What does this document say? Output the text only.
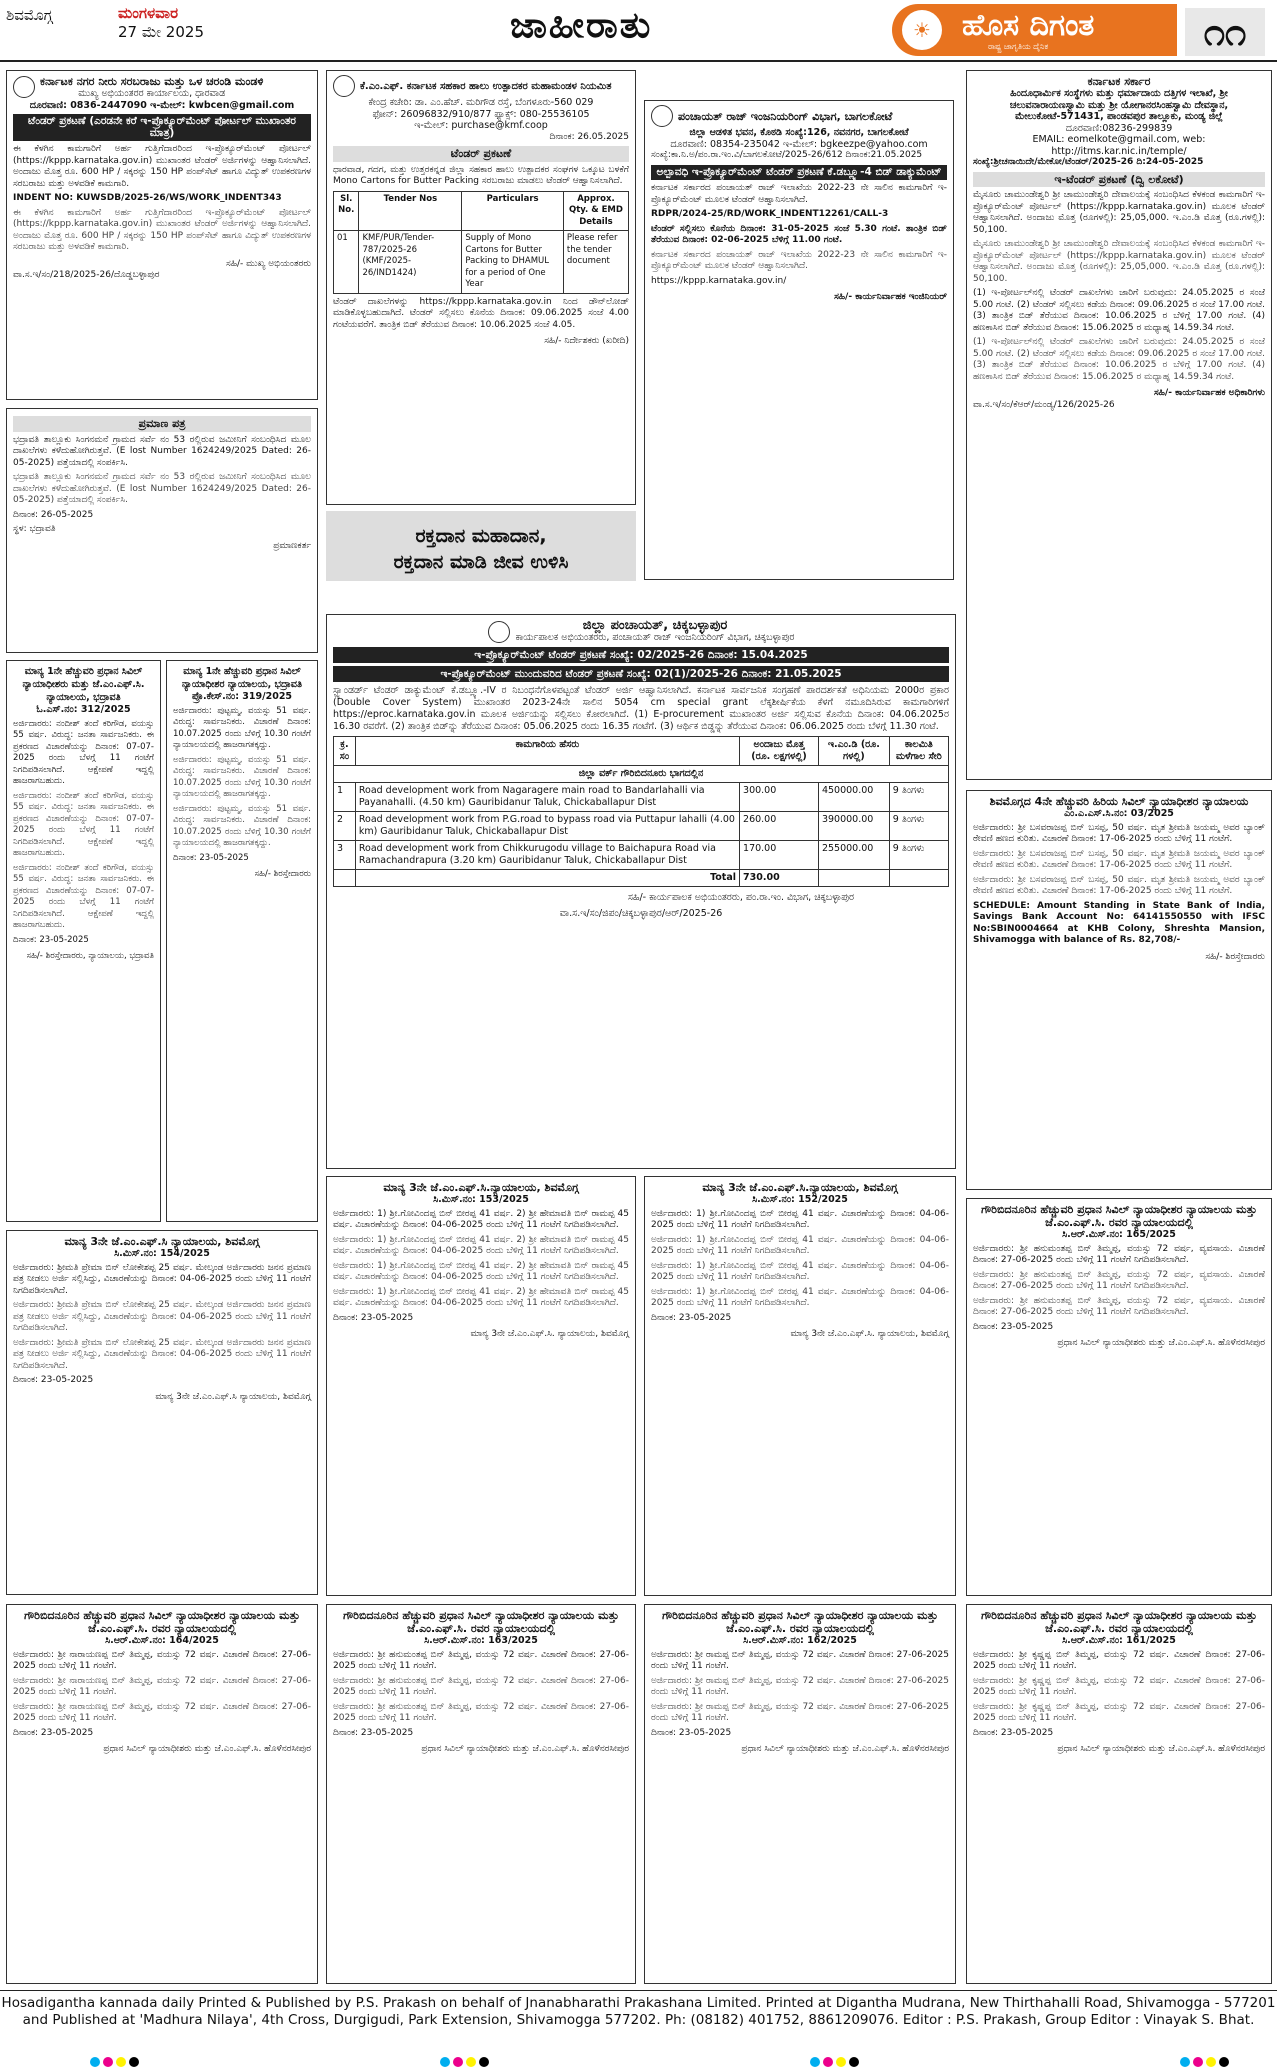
ಶಿವಮೊಗ್ಗ	ಮಂಗಳವಾರ
27 ಮೇ 2025	ಜಾಹೀರಾತು	ಹೊಸ ದಿಗಂತ
☀
ರಾಷ್ಟ್ರ ಜಾಗೃತಿಯ ದೈನಿಕ	೧೧
ಕರ್ನಾಟಕ ನಗರ ನೀರು ಸರಬರಾಜು ಮತ್ತು ಒಳ ಚರಂಡಿ ಮಂಡಳಿ
ಮುಖ್ಯ ಅಭಿಯಂತರರ ಕಾರ್ಯಾಲಯ, ಧಾರವಾಡ
ದೂರವಾಣಿ: 0836-2447090 ಇ-ಮೇಲ್: kwbcen@gmail.com
ಟೆಂಡರ್ ಪ್ರಕಟಣೆ (ಎರಡನೇ ಕರೆ ಇ-ಪ್ರೊಕ್ಯೂರ್‌ಮೆಂಟ್ ಪೋರ್ಟಲ್ ಮುಖಾಂತರ ಮಾತ್ರ)

ಈ ಕೆಳಗಿನ ಕಾಮಗಾರಿಗೆ ಅರ್ಹ ಗುತ್ತಿಗೆದಾರರಿಂದ ಇ-ಪ್ರೊಕ್ಯೂರ್‌ಮೆಂಟ್ ಪೋರ್ಟಲ್ (https://kppp.karnataka.gov.in) ಮುಖಾಂತರ ಟೆಂಡರ್ ಅರ್ಜಿಗಳನ್ನು ಆಹ್ವಾನಿಸಲಾಗಿದೆ. ಅಂದಾಜು ಮೊತ್ತ ರೂ. 600 HP / ಸಕ್ಕರನ್ನು 150 HP ಪಂಪ್‌ಸೆಟ್ ಹಾಗೂ ವಿದ್ಯುತ್ ಉಪಕರಣಗಳ ಸರಬರಾಜು ಮತ್ತು ಅಳವಡಿಕೆ ಕಾಮಗಾರಿ.

INDENT NO: KUWSDB/2025-26/WS/WORK_INDENT343

ಈ ಕೆಳಗಿನ ಕಾಮಗಾರಿಗೆ ಅರ್ಹ ಗುತ್ತಿಗೆದಾರರಿಂದ ಇ-ಪ್ರೊಕ್ಯೂರ್‌ಮೆಂಟ್ ಪೋರ್ಟಲ್ (https://kppp.karnataka.gov.in) ಮುಖಾಂತರ ಟೆಂಡರ್ ಅರ್ಜಿಗಳನ್ನು ಆಹ್ವಾನಿಸಲಾಗಿದೆ. ಅಂದಾಜು ಮೊತ್ತ ರೂ. 600 HP / ಸಕ್ಕರನ್ನು 150 HP ಪಂಪ್‌ಸೆಟ್ ಹಾಗೂ ವಿದ್ಯುತ್ ಉಪಕರಣಗಳ ಸರಬರಾಜು ಮತ್ತು ಅಳವಡಿಕೆ ಕಾಮಗಾರಿ.

ಸಹಿ/- ಮುಖ್ಯ ಅಭಿಯಂತರರು
ವಾ.ಸ.ಇ/ಸಂ/218/2025-26/ದೊಡ್ಡಬಳ್ಳಾಪುರ
ಕೆ.ಎಂ.ಎಫ್. ಕರ್ನಾಟಕ ಸಹಕಾರ ಹಾಲು ಉತ್ಪಾದಕರ ಮಹಾಮಂಡಳ ನಿಯಮಿತ
ಕೇಂದ್ರ ಕಚೇರಿ: ಡಾ. ಎಂ.ಹೆಚ್. ಮರಿಗೌಡ ರಸ್ತೆ, ಬೆಂಗಳೂರು-560 029
ಫೋನ್: 26096832/910/877 ಫ್ಯಾಕ್ಸ್: 080-25536105
ಇ-ಮೇಲ್: purchase@kmf.coop
ದಿನಾಂಕ: 26.05.2025
ಟೆಂಡರ್ ಪ್ರಕಟಣೆ

ಧಾರವಾಡ, ಗದಗ, ಮತ್ತು ಉತ್ತರಕನ್ನಡ ಜಿಲ್ಲಾ ಸಹಕಾರ ಹಾಲು ಉತ್ಪಾದಕರ ಸಂಘಗಳ ಒಕ್ಕೂಟ ಬಳಕೆಗೆ Mono Cartons for Butter Packing ಸರಬರಾಜು ಮಾಡಲು ಟೆಂಡರ್ ಆಹ್ವಾನಿಸಲಾಗಿದೆ.

Sl. No.	Tender Nos	Particulars	Approx. Qty. & EMD Details
01	KMF/PUR/Tender-787/2025-26 (KMF/2025-26/IND1424)	Supply of Mono Cartons for Butter Packing to DHAMUL for a period of One Year	Please refer the tender document

ಟೆಂಡರ್ ದಾಖಲೆಗಳನ್ನು https://kppp.karnataka.gov.in ನಿಂದ ಡೌನ್‌ಲೋಡ್ ಮಾಡಿಕೊಳ್ಳಬಹುದಾಗಿದೆ. ಟೆಂಡರ್ ಸಲ್ಲಿಸಲು ಕೊನೆಯ ದಿನಾಂಕ: 09.06.2025 ಸಂಜೆ 4.00 ಗಂಟೆಯವರೆಗೆ. ತಾಂತ್ರಿಕ ಬಿಡ್ ತೆರೆಯುವ ದಿನಾಂಕ: 10.06.2025 ಸಂಜೆ 4.05.

ಸಹಿ/- ನಿರ್ದೇಶಕರು (ಖರೀದಿ)
ರಕ್ತದಾನ ಮಹಾದಾನ,
ರಕ್ತದಾನ ಮಾಡಿ ಜೀವ ಉಳಿಸಿ
ಪಂಚಾಯತ್ ರಾಜ್ ಇಂಜನಿಯರಿಂಗ್ ವಿಭಾಗ, ಬಾಗಲಕೋಟೆ
ಜಿಲ್ಲಾ ಆಡಳಿತ ಭವನ, ಕೊಠಡಿ ಸಂಖ್ಯೆ:126, ನವನಗರ, ಬಾಗಲಕೋಟೆ
ದೂರವಾಣಿ: 08354-235042 ಇ-ಮೇಲ್: bgkeezpe@yahoo.com
ಸಂಖ್ಯೆ:ಕಾ.ನಿ.ಅ/ಪಂ.ರಾ.ಇಂ.ವಿ/ಬಾಗಲಕೋಟೆ/2025-26/612 ದಿನಾಂಕ:21.05.2025
ಅಲ್ಪಾವಧಿ ಇ-ಪ್ರೊಕ್ಯೂರ್‌ಮೆಂಟ್ ಟೆಂಡರ್ ಪ್ರಕಟಣೆ ಕೆ.ಡಬ್ಲ್ಯೂ-4 ಬಿಡ್ ಡಾಕ್ಯುಮೆಂಟ್

ಕರ್ನಾಟಕ ಸರ್ಕಾರದ ಪಂಚಾಯತ್ ರಾಜ್ ಇಲಾಖೆಯ 2022-23 ನೇ ಸಾಲಿನ ಕಾಮಗಾರಿಗೆ ಇ-ಪ್ರೊಕ್ಯೂರ್‌ಮೆಂಟ್ ಮೂಲಕ ಟೆಂಡರ್ ಆಹ್ವಾನಿಸಲಾಗಿದೆ.

RDPR/2024-25/RD/WORK_INDENT12261/CALL-3

ಟೆಂಡರ್ ಸಲ್ಲಿಸಲು ಕೊನೆಯ ದಿನಾಂಕ: 31-05-2025 ಸಂಜೆ 5.30 ಗಂಟೆ. ತಾಂತ್ರಿಕ ಬಿಡ್ ತೆರೆಯುವ ದಿನಾಂಕ: 02-06-2025 ಬೆಳಿಗ್ಗೆ 11.00 ಗಂಟೆ.

ಕರ್ನಾಟಕ ಸರ್ಕಾರದ ಪಂಚಾಯತ್ ರಾಜ್ ಇಲಾಖೆಯ 2022-23 ನೇ ಸಾಲಿನ ಕಾಮಗಾರಿಗೆ ಇ-ಪ್ರೊಕ್ಯೂರ್‌ಮೆಂಟ್ ಮೂಲಕ ಟೆಂಡರ್ ಆಹ್ವಾನಿಸಲಾಗಿದೆ.

https://kppp.karnataka.gov.in/

ಸಹಿ/- ಕಾರ್ಯನಿರ್ವಾಹಕ ಇಂಜಿನಿಯರ್
ಕರ್ನಾಟಕ ಸರ್ಕಾರ
ಹಿಂದೂಧಾರ್ಮಿಕ ಸಂಸ್ಥೆಗಳು ಮತ್ತು ಧರ್ಮಾದಾಯ ದತ್ತಿಗಳ ಇಲಾಖೆ, ಶ್ರೀ ಚಲುವನಾರಾಯಣಸ್ವಾಮಿ ಮತ್ತು ಶ್ರೀ ಯೋಗಾನರಸಿಂಹಸ್ವಾಮಿ ದೇವಸ್ಥಾನ, ಮೇಲುಕೋಟೆ-571431, ಪಾಂಡವಪುರ ತಾಲ್ಲೂಕು, ಮಂಡ್ಯ ಜಿಲ್ಲೆ
ದೂರವಾಣಿ:08236-299839
EMAIL: eomelkote@gmail.com, web: http://itms.kar.nic.in/temple/
ಸಂಖ್ಯೆ:ಶ್ರೀಚನಾಯಿದೇ/ಮೇಕೋ/ಟೆಂಡರ್/2025-26 ದಿ:24-05-2025
ಇ-ಟೆಂಡರ್ ಪ್ರಕಟಣೆ (ದ್ವಿ ಲಕೋಟೆ)

ಮೈಸೂರು ಚಾಮುಂಡೇಶ್ವರಿ ಶ್ರೀ ಚಾಮುಂಡೇಶ್ವರಿ ದೇವಾಲಯಕ್ಕೆ ಸಂಬಂಧಿಸಿದ ಕೆಳಕಂಡ ಕಾಮಗಾರಿಗೆ ಇ-ಪ್ರೊಕ್ಯೂರ್‌ಮೆಂಟ್ ಪೋರ್ಟಲ್ (https://kppp.karnataka.gov.in) ಮೂಲಕ ಟೆಂಡರ್ ಆಹ್ವಾನಿಸಲಾಗಿದೆ. ಅಂದಾಜು ಮೊತ್ತ (ರೂಗಳಲ್ಲಿ): 25,05,000. ಇ.ಎಂ.ಡಿ ಮೊತ್ತ (ರೂ.ಗಳಲ್ಲಿ): 50,100.

ಮೈಸೂರು ಚಾಮುಂಡೇಶ್ವರಿ ಶ್ರೀ ಚಾಮುಂಡೇಶ್ವರಿ ದೇವಾಲಯಕ್ಕೆ ಸಂಬಂಧಿಸಿದ ಕೆಳಕಂಡ ಕಾಮಗಾರಿಗೆ ಇ-ಪ್ರೊಕ್ಯೂರ್‌ಮೆಂಟ್ ಪೋರ್ಟಲ್ (https://kppp.karnataka.gov.in) ಮೂಲಕ ಟೆಂಡರ್ ಆಹ್ವಾನಿಸಲಾಗಿದೆ. ಅಂದಾಜು ಮೊತ್ತ (ರೂಗಳಲ್ಲಿ): 25,05,000. ಇ.ಎಂ.ಡಿ ಮೊತ್ತ (ರೂ.ಗಳಲ್ಲಿ): 50,100.

(1) ಇ-ಪೋರ್ಟಲ್‌ನಲ್ಲಿ ಟೆಂಡರ್ ದಾಖಲೆಗಳು ಜಾರಿಗೆ ಬರುವುದು: 24.05.2025 ರ ಸಂಜೆ 5.00 ಗಂಟೆ. (2) ಟೆಂಡರ್ ಸಲ್ಲಿಸಲು ಕಡೆಯ ದಿನಾಂಕ: 09.06.2025 ರ ಸಂಜೆ 17.00 ಗಂಟೆ. (3) ತಾಂತ್ರಿಕ ಬಿಡ್ ತೆರೆಯುವ ದಿನಾಂಕ: 10.06.2025 ರ ಬೆಳಿಗ್ಗೆ 17.00 ಗಂಟೆ. (4) ಹಣಕಾಸಿನ ಬಿಡ್ ತೆರೆಯುವ ದಿನಾಂಕ: 15.06.2025 ರ ಮಧ್ಯಾಹ್ನ 14.59.34 ಗಂಟೆ.

(1) ಇ-ಪೋರ್ಟಲ್‌ನಲ್ಲಿ ಟೆಂಡರ್ ದಾಖಲೆಗಳು ಜಾರಿಗೆ ಬರುವುದು: 24.05.2025 ರ ಸಂಜೆ 5.00 ಗಂಟೆ. (2) ಟೆಂಡರ್ ಸಲ್ಲಿಸಲು ಕಡೆಯ ದಿನಾಂಕ: 09.06.2025 ರ ಸಂಜೆ 17.00 ಗಂಟೆ. (3) ತಾಂತ್ರಿಕ ಬಿಡ್ ತೆರೆಯುವ ದಿನಾಂಕ: 10.06.2025 ರ ಬೆಳಿಗ್ಗೆ 17.00 ಗಂಟೆ. (4) ಹಣಕಾಸಿನ ಬಿಡ್ ತೆರೆಯುವ ದಿನಾಂಕ: 15.06.2025 ರ ಮಧ್ಯಾಹ್ನ 14.59.34 ಗಂಟೆ.

ಸಹಿ/- ಕಾರ್ಯನಿರ್ವಾಹಕ ಅಧಿಕಾರಿಗಳು
ವಾ.ಸ.ಇ/ಸಂ/ಕೆಆರ್‌/ಮಂಡ್ಯ/126/2025-26
ಪ್ರಮಾಣ ಪತ್ರ

ಭದ್ರಾವತಿ ತಾಲ್ಲೂಕು ಸಿಂಗನಮನೆ ಗ್ರಾಮದ ಸರ್ವೆ ನಂ 53 ರಲ್ಲಿರುವ ಜಮೀನಿಗೆ ಸಂಬಂಧಿಸಿದ ಮೂಲ ದಾಖಲೆಗಳು ಕಳೆದುಹೋಗಿರುತ್ತವೆ. (E lost Number 1624249/2025 Dated: 26-05-2025) ಪತ್ತೆಯಾದಲ್ಲಿ ಸಂಪರ್ಕಿಸಿ.

ಭದ್ರಾವತಿ ತಾಲ್ಲೂಕು ಸಿಂಗನಮನೆ ಗ್ರಾಮದ ಸರ್ವೆ ನಂ 53 ರಲ್ಲಿರುವ ಜಮೀನಿಗೆ ಸಂಬಂಧಿಸಿದ ಮೂಲ ದಾಖಲೆಗಳು ಕಳೆದುಹೋಗಿರುತ್ತವೆ. (E lost Number 1624249/2025 Dated: 26-05-2025) ಪತ್ತೆಯಾದಲ್ಲಿ ಸಂಪರ್ಕಿಸಿ.

ದಿನಾಂಕ: 26-05-2025

ಸ್ಥಳ: ಭದ್ರಾವತಿ

ಪ್ರಮಾಣಕರ್ತ
ಮಾನ್ಯ 1ನೇ ಹೆಚ್ಚುವರಿ ಪ್ರಧಾನ ಸಿವಿಲ್ ನ್ಯಾಯಾಧೀಶರು ಮತ್ತು ಜೆ.ಎಂ.ಎಫ್.ಸಿ. ನ್ಯಾಯಾಲಯ, ಭದ್ರಾವತಿ
ಓ.ಎಸ್.ನಂ: 312/2025

ಅರ್ಜಿದಾರರು: ನಂದೀಶ್ ತಂದೆ ಕರಿಗೌಡ, ವಯಸ್ಸು 55 ವರ್ಷ. ವಿರುದ್ಧ: ಜನತಾ ಸಾರ್ವಜನಿಕರು. ಈ ಪ್ರಕರಣದ ವಿಚಾರಣೆಯನ್ನು ದಿನಾಂಕ: 07-07-2025 ರಂದು ಬೆಳಗ್ಗೆ 11 ಗಂಟೆಗೆ ನಿಗದಿಪಡಿಸಲಾಗಿದೆ. ಆಕ್ಷೇಪಣೆ ಇದ್ದಲ್ಲಿ ಹಾಜರಾಗಬಹುದು.

ಅರ್ಜಿದಾರರು: ನಂದೀಶ್ ತಂದೆ ಕರಿಗೌಡ, ವಯಸ್ಸು 55 ವರ್ಷ. ವಿರುದ್ಧ: ಜನತಾ ಸಾರ್ವಜನಿಕರು. ಈ ಪ್ರಕರಣದ ವಿಚಾರಣೆಯನ್ನು ದಿನಾಂಕ: 07-07-2025 ರಂದು ಬೆಳಗ್ಗೆ 11 ಗಂಟೆಗೆ ನಿಗದಿಪಡಿಸಲಾಗಿದೆ. ಆಕ್ಷೇಪಣೆ ಇದ್ದಲ್ಲಿ ಹಾಜರಾಗಬಹುದು.

ಅರ್ಜಿದಾರರು: ನಂದೀಶ್ ತಂದೆ ಕರಿಗೌಡ, ವಯಸ್ಸು 55 ವರ್ಷ. ವಿರುದ್ಧ: ಜನತಾ ಸಾರ್ವಜನಿಕರು. ಈ ಪ್ರಕರಣದ ವಿಚಾರಣೆಯನ್ನು ದಿನಾಂಕ: 07-07-2025 ರಂದು ಬೆಳಗ್ಗೆ 11 ಗಂಟೆಗೆ ನಿಗದಿಪಡಿಸಲಾಗಿದೆ. ಆಕ್ಷೇಪಣೆ ಇದ್ದಲ್ಲಿ ಹಾಜರಾಗಬಹುದು.

ದಿನಾಂಕ: 23-05-2025

ಸಹಿ/- ಶಿರಸ್ತೇದಾರರು, ನ್ಯಾಯಾಲಯ, ಭದ್ರಾವತಿ
ಮಾನ್ಯ 1ನೇ ಹೆಚ್ಚುವರಿ ಪ್ರಧಾನ ಸಿವಿಲ್ ನ್ಯಾಯಾಧೀಶರ ನ್ಯಾಯಾಲಯ, ಭದ್ರಾವತಿ
ಪ್ರೊ.ಕೇಸ್.ನಂ: 319/2025

ಅರ್ಜಿದಾರರು: ಪುಟ್ಟಮ್ಮ, ವಯಸ್ಸು 51 ವರ್ಷ. ವಿರುದ್ಧ: ಸಾರ್ವಜನಿಕರು. ವಿಚಾರಣೆ ದಿನಾಂಕ: 10.07.2025 ರಂದು ಬೆಳಿಗ್ಗೆ 10.30 ಗಂಟೆಗೆ ನ್ಯಾಯಾಲಯದಲ್ಲಿ ಹಾಜರಾಗತಕ್ಕದ್ದು.

ಅರ್ಜಿದಾರರು: ಪುಟ್ಟಮ್ಮ, ವಯಸ್ಸು 51 ವರ್ಷ. ವಿರುದ್ಧ: ಸಾರ್ವಜನಿಕರು. ವಿಚಾರಣೆ ದಿನಾಂಕ: 10.07.2025 ರಂದು ಬೆಳಿಗ್ಗೆ 10.30 ಗಂಟೆಗೆ ನ್ಯಾಯಾಲಯದಲ್ಲಿ ಹಾಜರಾಗತಕ್ಕದ್ದು.

ಅರ್ಜಿದಾರರು: ಪುಟ್ಟಮ್ಮ, ವಯಸ್ಸು 51 ವರ್ಷ. ವಿರುದ್ಧ: ಸಾರ್ವಜನಿಕರು. ವಿಚಾರಣೆ ದಿನಾಂಕ: 10.07.2025 ರಂದು ಬೆಳಿಗ್ಗೆ 10.30 ಗಂಟೆಗೆ ನ್ಯಾಯಾಲಯದಲ್ಲಿ ಹಾಜರಾಗತಕ್ಕದ್ದು.

ದಿನಾಂಕ: 23-05-2025

ಸಹಿ/- ಶಿರಸ್ತೇದಾರರು
ಜಿಲ್ಲಾ ಪಂಚಾಯತ್, ಚಿಕ್ಕಬಳ್ಳಾಪುರ
ಕಾರ್ಯಪಾಲಕ ಅಭಿಯಂತರರು, ಪಂಚಾಯತ್ ರಾಜ್ ಇಂಜನಿಯರಿಂಗ್ ವಿಭಾಗ, ಚಿಕ್ಕಬಳ್ಳಾಪುರ
ಇ-ಪ್ರೊಕ್ಯೂರ್‌ಮೆಂಟ್ ಟೆಂಡರ್ ಪ್ರಕಟಣೆ ಸಂಖ್ಯೆ: 02/2025-26 ದಿನಾಂಕ: 15.04.2025
ಇ-ಪ್ರೊಕ್ಯೂರ್‌ಮೆಂಟ್ ಮುಂದುವರಿದ ಟೆಂಡರ್ ಪ್ರಕಟಣೆ ಸಂಖ್ಯೆ: 02(1)/2025-26 ದಿನಾಂಕ: 21.05.2025

ಸ್ಟ್ಯಾಂಡರ್ಡ್ ಟೆಂಡರ್ ಡಾಕ್ಯುಮೆಂಟ್ ಕೆ.ಡಬ್ಲ್ಯೂ.-IV ರ ನಿಬಂಧನೆಗೊಳಪಟ್ಟಂತೆ ಟೆಂಡರ್ ಅರ್ಜಿ ಆಹ್ವಾನಿಸಲಾಗಿದೆ. ಕರ್ನಾಟಕ ಸಾರ್ವಜನಿಕ ಸಂಗ್ರಹಣೆ ಪಾರದರ್ಶಕತೆ ಅಧಿನಿಯಮ 2000ರ ಪ್ರಕಾರ (Double Cover System) ಮುಖಾಂತರ 2023-24ನೇ ಸಾಲಿನ 5054 cm special grant ಲೆಕ್ಕಶೀರ್ಷಿಕೆಯ ಕೆಳಗೆ ನಮೂದಿಸಿರುವ ಕಾಮಗಾರಿಗಳಿಗೆ https://eproc.karnataka.gov.in ಮೂಲಕ ಅರ್ಜಿಯನ್ನು ಸಲ್ಲಿಸಲು ಕೋರಲಾಗಿದೆ. (1) E-procurement ಮುಖಾಂತರ ಅರ್ಜಿ ಸಲ್ಲಿಸುವ ಕೊನೆಯ ದಿನಾಂಕ: 04.06.2025ರ 16.30 ರವರೆಗೆ. (2) ತಾಂತ್ರಿಕ ಬಿಡ್‌ನ್ನು ತೆರೆಯುವ ದಿನಾಂಕ: 05.06.2025 ರಂದು 16.35 ಗಂಟೆಗೆ. (3) ಆರ್ಥಿಕ ಬಿಡ್ಡನ್ನು ತೆರೆಯುವ ದಿನಾಂಕ: 06.06.2025 ರಂದು ಬೆಳಗ್ಗೆ 11.30 ಗಂಟೆ.

ಕ್ರ. ಸಂ	ಕಾಮಗಾರಿಯ ಹೆಸರು	ಅಂದಾಜು ಮೊತ್ತ (ರೂ. ಲಕ್ಷಗಳಲ್ಲಿ)	ಇ.ಎಂ.ಡಿ (ರೂ. ಗಳಲ್ಲಿ)	ಕಾಲಮಿತಿ ಮಳೆಗಾಲ ಸೇರಿ
ಜಿಲ್ಲಾ ವರ್ಕ್ ಗೌರಿಬಿದನೂರು ಭಾಗದಲ್ಲಿನ				
1	Road development work from Nagaragere main road to Bandarlahalli via Payanahalli. (4.50 km) Gauribidanur Taluk, Chickaballapur Dist	300.00	450000.00	9 ತಿಂಗಳು
2	Road development work from P.G.road to bypass road via Puttapur lahalli (4.00 km) Gauribidanur Taluk, Chickaballapur Dist	260.00	390000.00	9 ತಿಂಗಳು
3	Road development work from Chikkurugodu village to Baichapura Road via Ramachandrapura (3.20 km) Gauribidanur Taluk, Chickaballapur Dist	170.00	255000.00	9 ತಿಂಗಳು
	Total	730.00		
ಸಹಿ/- ಕಾರ್ಯಪಾಲಕ ಅಭಿಯಂತರರು, ಪಂ.ರಾ.ಇಂ. ವಿಭಾಗ, ಚಿಕ್ಕಬಳ್ಳಾಪುರ
ವಾ.ಸ.ಇ/ಸಂ/ಜಿಪಂ/ಚಿಕ್ಕಬಳ್ಳಾಪುರ/ಆರ್/2025-26
ಶಿವಮೊಗ್ಗದ 4ನೇ ಹೆಚ್ಚುವರಿ ಹಿರಿಯ ಸಿವಿಲ್ ನ್ಯಾಯಾಧೀಶರ ನ್ಯಾಯಾಲಯ
ಎಂ.ಎ.ಎಸ್.ಸಿ.ನಂ: 03/2025

ಅರ್ಜಿದಾರರು: ಶ್ರೀ ಬಸವರಾಜಪ್ಪ ಬಿನ್ ಬಸಪ್ಪ, 50 ವರ್ಷ. ಮೃತ ಶ್ರೀಮತಿ ಜಯಮ್ಮ ಅವರ ಬ್ಯಾಂಕ್ ಠೇವಣಿ ಹಣದ ಕುರಿತು. ವಿಚಾರಣೆ ದಿನಾಂಕ: 17-06-2025 ರಂದು ಬೆಳಿಗ್ಗೆ 11 ಗಂಟೆಗೆ.

ಅರ್ಜಿದಾರರು: ಶ್ರೀ ಬಸವರಾಜಪ್ಪ ಬಿನ್ ಬಸಪ್ಪ, 50 ವರ್ಷ. ಮೃತ ಶ್ರೀಮತಿ ಜಯಮ್ಮ ಅವರ ಬ್ಯಾಂಕ್ ಠೇವಣಿ ಹಣದ ಕುರಿತು. ವಿಚಾರಣೆ ದಿನಾಂಕ: 17-06-2025 ರಂದು ಬೆಳಿಗ್ಗೆ 11 ಗಂಟೆಗೆ.

ಅರ್ಜಿದಾರರು: ಶ್ರೀ ಬಸವರಾಜಪ್ಪ ಬಿನ್ ಬಸಪ್ಪ, 50 ವರ್ಷ. ಮೃತ ಶ್ರೀಮತಿ ಜಯಮ್ಮ ಅವರ ಬ್ಯಾಂಕ್ ಠೇವಣಿ ಹಣದ ಕುರಿತು. ವಿಚಾರಣೆ ದಿನಾಂಕ: 17-06-2025 ರಂದು ಬೆಳಿಗ್ಗೆ 11 ಗಂಟೆಗೆ.

SCHEDULE: Amount Standing in State Bank of India, Savings Bank Account No: 64141550550 with IFSC No:SBIN0004664 at KHB Colony, Shreshta Mansion, Shivamogga with balance of Rs. 82,708/-

ಸಹಿ/- ಶಿರಸ್ತೇದಾರರು
ಮಾನ್ಯ 3ನೇ ಜೆ.ಎಂ.ಎಫ್.ಸಿ ನ್ಯಾಯಾಲಯ, ಶಿವಮೊಗ್ಗ
ಸಿ.ಮಿಸ್.ನಂ: 154/2025

ಅರ್ಜಿದಾರರು: ಶ್ರೀಮತಿ ಪ್ರೇಮಾ ಬಿನ್ ಲೋಕೇಶಪ್ಪ 25 ವರ್ಷ. ಮೇಲ್ಕಂಡ ಅರ್ಜಿದಾರರು ಜನನ ಪ್ರಮಾಣ ಪತ್ರ ನೀಡಲು ಅರ್ಜಿ ಸಲ್ಲಿಸಿದ್ದು, ವಿಚಾರಣೆಯನ್ನು ದಿನಾಂಕ: 04-06-2025 ರಂದು ಬೆಳಿಗ್ಗೆ 11 ಗಂಟೆಗೆ ನಿಗದಿಪಡಿಸಲಾಗಿದೆ.

ಅರ್ಜಿದಾರರು: ಶ್ರೀಮತಿ ಪ್ರೇಮಾ ಬಿನ್ ಲೋಕೇಶಪ್ಪ 25 ವರ್ಷ. ಮೇಲ್ಕಂಡ ಅರ್ಜಿದಾರರು ಜನನ ಪ್ರಮಾಣ ಪತ್ರ ನೀಡಲು ಅರ್ಜಿ ಸಲ್ಲಿಸಿದ್ದು, ವಿಚಾರಣೆಯನ್ನು ದಿನಾಂಕ: 04-06-2025 ರಂದು ಬೆಳಿಗ್ಗೆ 11 ಗಂಟೆಗೆ ನಿಗದಿಪಡಿಸಲಾಗಿದೆ.

ಅರ್ಜಿದಾರರು: ಶ್ರೀಮತಿ ಪ್ರೇಮಾ ಬಿನ್ ಲೋಕೇಶಪ್ಪ 25 ವರ್ಷ. ಮೇಲ್ಕಂಡ ಅರ್ಜಿದಾರರು ಜನನ ಪ್ರಮಾಣ ಪತ್ರ ನೀಡಲು ಅರ್ಜಿ ಸಲ್ಲಿಸಿದ್ದು, ವಿಚಾರಣೆಯನ್ನು ದಿನಾಂಕ: 04-06-2025 ರಂದು ಬೆಳಿಗ್ಗೆ 11 ಗಂಟೆಗೆ ನಿಗದಿಪಡಿಸಲಾಗಿದೆ.

ದಿನಾಂಕ: 23-05-2025

ಮಾನ್ಯ 3ನೇ ಜೆ.ಎಂ.ಎಫ್.ಸಿ ನ್ಯಾಯಾಲಯ, ಶಿವಮೊಗ್ಗ
ಮಾನ್ಯ 3ನೇ ಜೆ.ಎಂ.ಎಫ್.ಸಿ.ನ್ಯಾಯಾಲಯ, ಶಿವಮೊಗ್ಗ
ಸಿ.ಮಿಸ್.ನಂ: 153/2025

ಅರ್ಜಿದಾರರು: 1) ಶ್ರೀ.ಗೋವಿಂದಪ್ಪ ಬಿನ್ ಬೀರಪ್ಪ 41 ವರ್ಷ. 2) ಶ್ರೀ ಹೇಮಾವತಿ ಬಿನ್ ರಾಮಪ್ಪ 45 ವರ್ಷ. ವಿಚಾರಣೆಯನ್ನು ದಿನಾಂಕ: 04-06-2025 ರಂದು ಬೆಳಿಗ್ಗೆ 11 ಗಂಟೆಗೆ ನಿಗದಿಪಡಿಸಲಾಗಿದೆ.

ಅರ್ಜಿದಾರರು: 1) ಶ್ರೀ.ಗೋವಿಂದಪ್ಪ ಬಿನ್ ಬೀರಪ್ಪ 41 ವರ್ಷ. 2) ಶ್ರೀ ಹೇಮಾವತಿ ಬಿನ್ ರಾಮಪ್ಪ 45 ವರ್ಷ. ವಿಚಾರಣೆಯನ್ನು ದಿನಾಂಕ: 04-06-2025 ರಂದು ಬೆಳಿಗ್ಗೆ 11 ಗಂಟೆಗೆ ನಿಗದಿಪಡಿಸಲಾಗಿದೆ.

ಅರ್ಜಿದಾರರು: 1) ಶ್ರೀ.ಗೋವಿಂದಪ್ಪ ಬಿನ್ ಬೀರಪ್ಪ 41 ವರ್ಷ. 2) ಶ್ರೀ ಹೇಮಾವತಿ ಬಿನ್ ರಾಮಪ್ಪ 45 ವರ್ಷ. ವಿಚಾರಣೆಯನ್ನು ದಿನಾಂಕ: 04-06-2025 ರಂದು ಬೆಳಿಗ್ಗೆ 11 ಗಂಟೆಗೆ ನಿಗದಿಪಡಿಸಲಾಗಿದೆ.

ಅರ್ಜಿದಾರರು: 1) ಶ್ರೀ.ಗೋವಿಂದಪ್ಪ ಬಿನ್ ಬೀರಪ್ಪ 41 ವರ್ಷ. 2) ಶ್ರೀ ಹೇಮಾವತಿ ಬಿನ್ ರಾಮಪ್ಪ 45 ವರ್ಷ. ವಿಚಾರಣೆಯನ್ನು ದಿನಾಂಕ: 04-06-2025 ರಂದು ಬೆಳಿಗ್ಗೆ 11 ಗಂಟೆಗೆ ನಿಗದಿಪಡಿಸಲಾಗಿದೆ.

ದಿನಾಂಕ: 23-05-2025

ಮಾನ್ಯ 3ನೇ ಜೆ.ಎಂ.ಎಫ್.ಸಿ. ನ್ಯಾಯಾಲಯ, ಶಿವಮೊಗ್ಗ
ಮಾನ್ಯ 3ನೇ ಜೆ.ಎಂ.ಎಫ್.ಸಿ.ನ್ಯಾಯಾಲಯ, ಶಿವಮೊಗ್ಗ
ಸಿ.ಮಿಸ್.ನಂ: 152/2025

ಅರ್ಜಿದಾರರು: 1) ಶ್ರೀ.ಗೋವಿಂದಪ್ಪ ಬಿನ್ ಬೀರಪ್ಪ 41 ವರ್ಷ. ವಿಚಾರಣೆಯನ್ನು ದಿನಾಂಕ: 04-06-2025 ರಂದು ಬೆಳಿಗ್ಗೆ 11 ಗಂಟೆಗೆ ನಿಗದಿಪಡಿಸಲಾಗಿದೆ.

ಅರ್ಜಿದಾರರು: 1) ಶ್ರೀ.ಗೋವಿಂದಪ್ಪ ಬಿನ್ ಬೀರಪ್ಪ 41 ವರ್ಷ. ವಿಚಾರಣೆಯನ್ನು ದಿನಾಂಕ: 04-06-2025 ರಂದು ಬೆಳಿಗ್ಗೆ 11 ಗಂಟೆಗೆ ನಿಗದಿಪಡಿಸಲಾಗಿದೆ.

ಅರ್ಜಿದಾರರು: 1) ಶ್ರೀ.ಗೋವಿಂದಪ್ಪ ಬಿನ್ ಬೀರಪ್ಪ 41 ವರ್ಷ. ವಿಚಾರಣೆಯನ್ನು ದಿನಾಂಕ: 04-06-2025 ರಂದು ಬೆಳಿಗ್ಗೆ 11 ಗಂಟೆಗೆ ನಿಗದಿಪಡಿಸಲಾಗಿದೆ.

ಅರ್ಜಿದಾರರು: 1) ಶ್ರೀ.ಗೋವಿಂದಪ್ಪ ಬಿನ್ ಬೀರಪ್ಪ 41 ವರ್ಷ. ವಿಚಾರಣೆಯನ್ನು ದಿನಾಂಕ: 04-06-2025 ರಂದು ಬೆಳಿಗ್ಗೆ 11 ಗಂಟೆಗೆ ನಿಗದಿಪಡಿಸಲಾಗಿದೆ.

ದಿನಾಂಕ: 23-05-2025

ಮಾನ್ಯ 3ನೇ ಜೆ.ಎಂ.ಎಫ್.ಸಿ. ನ್ಯಾಯಾಲಯ, ಶಿವಮೊಗ್ಗ
ಗೌರಿಬಿದನೂರಿನ ಹೆಚ್ಚುವರಿ ಪ್ರಧಾನ ಸಿವಿಲ್ ನ್ಯಾಯಾಧೀಶರ ನ್ಯಾಯಾಲಯ ಮತ್ತು ಜೆ.ಎಂ.ಎಫ್.ಸಿ. ರವರ ನ್ಯಾಯಾಲಯದಲ್ಲಿ
ಸಿ.ಆರ್.ಮಿಸ್.ನಂ: 165/2025

ಅರ್ಜಿದಾರರು: ಶ್ರೀ ಹನುಮಂತಪ್ಪ ಬಿನ್ ತಿಮ್ಮಪ್ಪ, ವಯಸ್ಸು 72 ವರ್ಷ, ವ್ಯವಸಾಯ. ವಿಚಾರಣೆ ದಿನಾಂಕ: 27-06-2025 ರಂದು ಬೆಳಿಗ್ಗೆ 11 ಗಂಟೆಗೆ ನಿಗದಿಪಡಿಸಲಾಗಿದೆ.

ಅರ್ಜಿದಾರರು: ಶ್ರೀ ಹನುಮಂತಪ್ಪ ಬಿನ್ ತಿಮ್ಮಪ್ಪ, ವಯಸ್ಸು 72 ವರ್ಷ, ವ್ಯವಸಾಯ. ವಿಚಾರಣೆ ದಿನಾಂಕ: 27-06-2025 ರಂದು ಬೆಳಿಗ್ಗೆ 11 ಗಂಟೆಗೆ ನಿಗದಿಪಡಿಸಲಾಗಿದೆ.

ಅರ್ಜಿದಾರರು: ಶ್ರೀ ಹನುಮಂತಪ್ಪ ಬಿನ್ ತಿಮ್ಮಪ್ಪ, ವಯಸ್ಸು 72 ವರ್ಷ, ವ್ಯವಸಾಯ. ವಿಚಾರಣೆ ದಿನಾಂಕ: 27-06-2025 ರಂದು ಬೆಳಿಗ್ಗೆ 11 ಗಂಟೆಗೆ ನಿಗದಿಪಡಿಸಲಾಗಿದೆ.

ದಿನಾಂಕ: 23-05-2025

ಪ್ರಧಾನ ಸಿವಿಲ್ ನ್ಯಾಯಾಧೀಶರು ಮತ್ತು ಜೆ.ಎಂ.ಎಫ್.ಸಿ. ಹೊಳೆನರಸೀಪುರ
ಗೌರಿಬಿದನೂರಿನ ಹೆಚ್ಚುವರಿ ಪ್ರಧಾನ ಸಿವಿಲ್ ನ್ಯಾಯಾಧೀಶರ ನ್ಯಾಯಾಲಯ ಮತ್ತು ಜೆ.ಎಂ.ಎಫ್.ಸಿ. ರವರ ನ್ಯಾಯಾಲಯದಲ್ಲಿ
ಸಿ.ಆರ್.ಮಿಸ್.ನಂ: 164/2025

ಅರ್ಜಿದಾರರು: ಶ್ರೀ ನಾರಾಯಣಪ್ಪ ಬಿನ್ ತಿಮ್ಮಪ್ಪ, ವಯಸ್ಸು 72 ವರ್ಷ. ವಿಚಾರಣೆ ದಿನಾಂಕ: 27-06-2025 ರಂದು ಬೆಳಿಗ್ಗೆ 11 ಗಂಟೆಗೆ.

ಅರ್ಜಿದಾರರು: ಶ್ರೀ ನಾರಾಯಣಪ್ಪ ಬಿನ್ ತಿಮ್ಮಪ್ಪ, ವಯಸ್ಸು 72 ವರ್ಷ. ವಿಚಾರಣೆ ದಿನಾಂಕ: 27-06-2025 ರಂದು ಬೆಳಿಗ್ಗೆ 11 ಗಂಟೆಗೆ.

ಅರ್ಜಿದಾರರು: ಶ್ರೀ ನಾರಾಯಣಪ್ಪ ಬಿನ್ ತಿಮ್ಮಪ್ಪ, ವಯಸ್ಸು 72 ವರ್ಷ. ವಿಚಾರಣೆ ದಿನಾಂಕ: 27-06-2025 ರಂದು ಬೆಳಿಗ್ಗೆ 11 ಗಂಟೆಗೆ.

ದಿನಾಂಕ: 23-05-2025

ಪ್ರಧಾನ ಸಿವಿಲ್ ನ್ಯಾಯಾಧೀಶರು ಮತ್ತು ಜೆ.ಎಂ.ಎಫ್.ಸಿ. ಹೊಳೆನರಸೀಪುರ
ಗೌರಿಬಿದನೂರಿನ ಹೆಚ್ಚುವರಿ ಪ್ರಧಾನ ಸಿವಿಲ್ ನ್ಯಾಯಾಧೀಶರ ನ್ಯಾಯಾಲಯ ಮತ್ತು ಜೆ.ಎಂ.ಎಫ್.ಸಿ. ರವರ ನ್ಯಾಯಾಲಯದಲ್ಲಿ
ಸಿ.ಆರ್.ಮಿಸ್.ನಂ: 163/2025

ಅರ್ಜಿದಾರರು: ಶ್ರೀ ಹನುಮಂತಪ್ಪ ಬಿನ್ ತಿಮ್ಮಪ್ಪ, ವಯಸ್ಸು 72 ವರ್ಷ. ವಿಚಾರಣೆ ದಿನಾಂಕ: 27-06-2025 ರಂದು ಬೆಳಿಗ್ಗೆ 11 ಗಂಟೆಗೆ.

ಅರ್ಜಿದಾರರು: ಶ್ರೀ ಹನುಮಂತಪ್ಪ ಬಿನ್ ತಿಮ್ಮಪ್ಪ, ವಯಸ್ಸು 72 ವರ್ಷ. ವಿಚಾರಣೆ ದಿನಾಂಕ: 27-06-2025 ರಂದು ಬೆಳಿಗ್ಗೆ 11 ಗಂಟೆಗೆ.

ಅರ್ಜಿದಾರರು: ಶ್ರೀ ಹನುಮಂತಪ್ಪ ಬಿನ್ ತಿಮ್ಮಪ್ಪ, ವಯಸ್ಸು 72 ವರ್ಷ. ವಿಚಾರಣೆ ದಿನಾಂಕ: 27-06-2025 ರಂದು ಬೆಳಿಗ್ಗೆ 11 ಗಂಟೆಗೆ.

ದಿನಾಂಕ: 23-05-2025

ಪ್ರಧಾನ ಸಿವಿಲ್ ನ್ಯಾಯಾಧೀಶರು ಮತ್ತು ಜೆ.ಎಂ.ಎಫ್.ಸಿ. ಹೊಳೆನರಸೀಪುರ
ಗೌರಿಬಿದನೂರಿನ ಹೆಚ್ಚುವರಿ ಪ್ರಧಾನ ಸಿವಿಲ್ ನ್ಯಾಯಾಧೀಶರ ನ್ಯಾಯಾಲಯ ಮತ್ತು ಜೆ.ಎಂ.ಎಫ್.ಸಿ. ರವರ ನ್ಯಾಯಾಲಯದಲ್ಲಿ
ಸಿ.ಆರ್.ಮಿಸ್.ನಂ: 162/2025

ಅರ್ಜಿದಾರರು: ಶ್ರೀ ರಾಮಪ್ಪ ಬಿನ್ ತಿಮ್ಮಪ್ಪ, ವಯಸ್ಸು 72 ವರ್ಷ. ವಿಚಾರಣೆ ದಿನಾಂಕ: 27-06-2025 ರಂದು ಬೆಳಿಗ್ಗೆ 11 ಗಂಟೆಗೆ.

ಅರ್ಜಿದಾರರು: ಶ್ರೀ ರಾಮಪ್ಪ ಬಿನ್ ತಿಮ್ಮಪ್ಪ, ವಯಸ್ಸು 72 ವರ್ಷ. ವಿಚಾರಣೆ ದಿನಾಂಕ: 27-06-2025 ರಂದು ಬೆಳಿಗ್ಗೆ 11 ಗಂಟೆಗೆ.

ಅರ್ಜಿದಾರರು: ಶ್ರೀ ರಾಮಪ್ಪ ಬಿನ್ ತಿಮ್ಮಪ್ಪ, ವಯಸ್ಸು 72 ವರ್ಷ. ವಿಚಾರಣೆ ದಿನಾಂಕ: 27-06-2025 ರಂದು ಬೆಳಿಗ್ಗೆ 11 ಗಂಟೆಗೆ.

ದಿನಾಂಕ: 23-05-2025

ಪ್ರಧಾನ ಸಿವಿಲ್ ನ್ಯಾಯಾಧೀಶರು ಮತ್ತು ಜೆ.ಎಂ.ಎಫ್.ಸಿ. ಹೊಳೆನರಸೀಪುರ
ಗೌರಿಬಿದನೂರಿನ ಹೆಚ್ಚುವರಿ ಪ್ರಧಾನ ಸಿವಿಲ್ ನ್ಯಾಯಾಧೀಶರ ನ್ಯಾಯಾಲಯ ಮತ್ತು ಜೆ.ಎಂ.ಎಫ್.ಸಿ. ರವರ ನ್ಯಾಯಾಲಯದಲ್ಲಿ
ಸಿ.ಆರ್.ಮಿಸ್.ನಂ: 161/2025

ಅರ್ಜಿದಾರರು: ಶ್ರೀ ಕೃಷ್ಣಪ್ಪ ಬಿನ್ ತಿಮ್ಮಪ್ಪ, ವಯಸ್ಸು 72 ವರ್ಷ. ವಿಚಾರಣೆ ದಿನಾಂಕ: 27-06-2025 ರಂದು ಬೆಳಿಗ್ಗೆ 11 ಗಂಟೆಗೆ.

ಅರ್ಜಿದಾರರು: ಶ್ರೀ ಕೃಷ್ಣಪ್ಪ ಬಿನ್ ತಿಮ್ಮಪ್ಪ, ವಯಸ್ಸು 72 ವರ್ಷ. ವಿಚಾರಣೆ ದಿನಾಂಕ: 27-06-2025 ರಂದು ಬೆಳಿಗ್ಗೆ 11 ಗಂಟೆಗೆ.

ಅರ್ಜಿದಾರರು: ಶ್ರೀ ಕೃಷ್ಣಪ್ಪ ಬಿನ್ ತಿಮ್ಮಪ್ಪ, ವಯಸ್ಸು 72 ವರ್ಷ. ವಿಚಾರಣೆ ದಿನಾಂಕ: 27-06-2025 ರಂದು ಬೆಳಿಗ್ಗೆ 11 ಗಂಟೆಗೆ.

ದಿನಾಂಕ: 23-05-2025

ಪ್ರಧಾನ ಸಿವಿಲ್ ನ್ಯಾಯಾಧೀಶರು ಮತ್ತು ಜೆ.ಎಂ.ಎಫ್.ಸಿ. ಹೊಳೆನರಸೀಪುರ
Hosadigantha kannada daily Printed & Published by P.S. Prakash on behalf of Jnanabharathi Prakashana Limited. Printed at Digantha Mudrana, New Thirthahalli Road, Shivamogga - 577201
and Published at 'Madhura Nilaya', 4th Cross, Durgigudi, Park Extension, Shivamogga 577202. Ph: (08182) 401752, 8861209076. Editor : P.S. Prakash, Group Editor : Vinayak S. Bhat.
